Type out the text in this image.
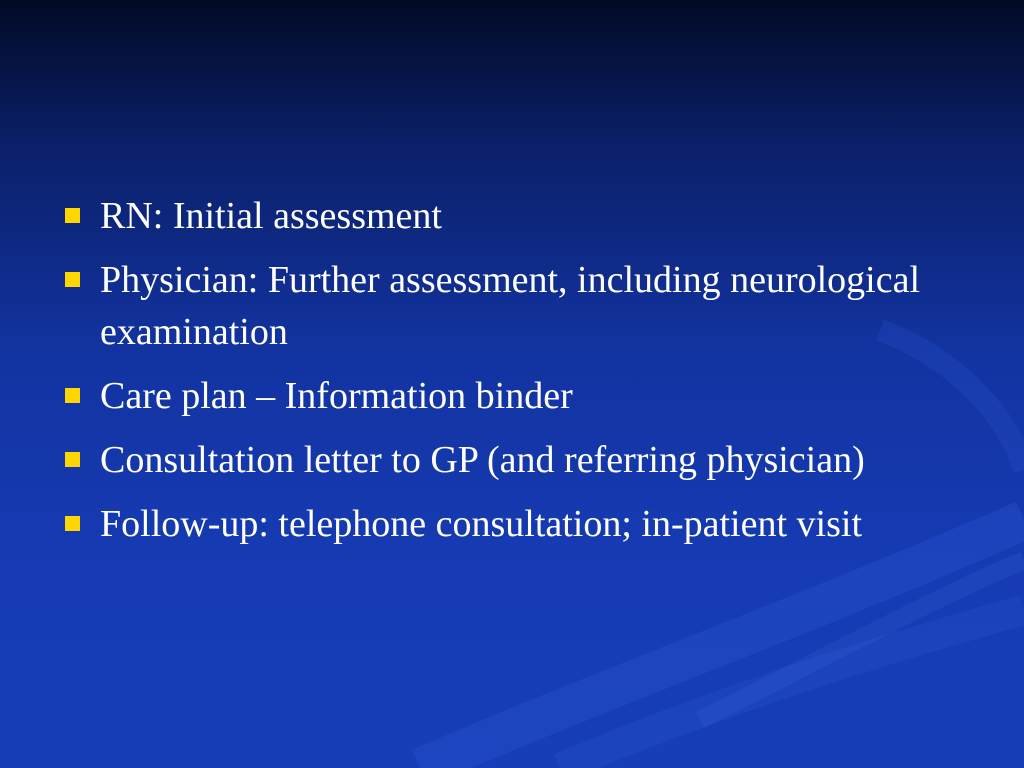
RN: Initial assessment
Physician: Further assessment, including neurological examination
Care plan – Information binder
Consultation letter to GP (and referring physician)
Follow-up: telephone consultation; in-patient visit
